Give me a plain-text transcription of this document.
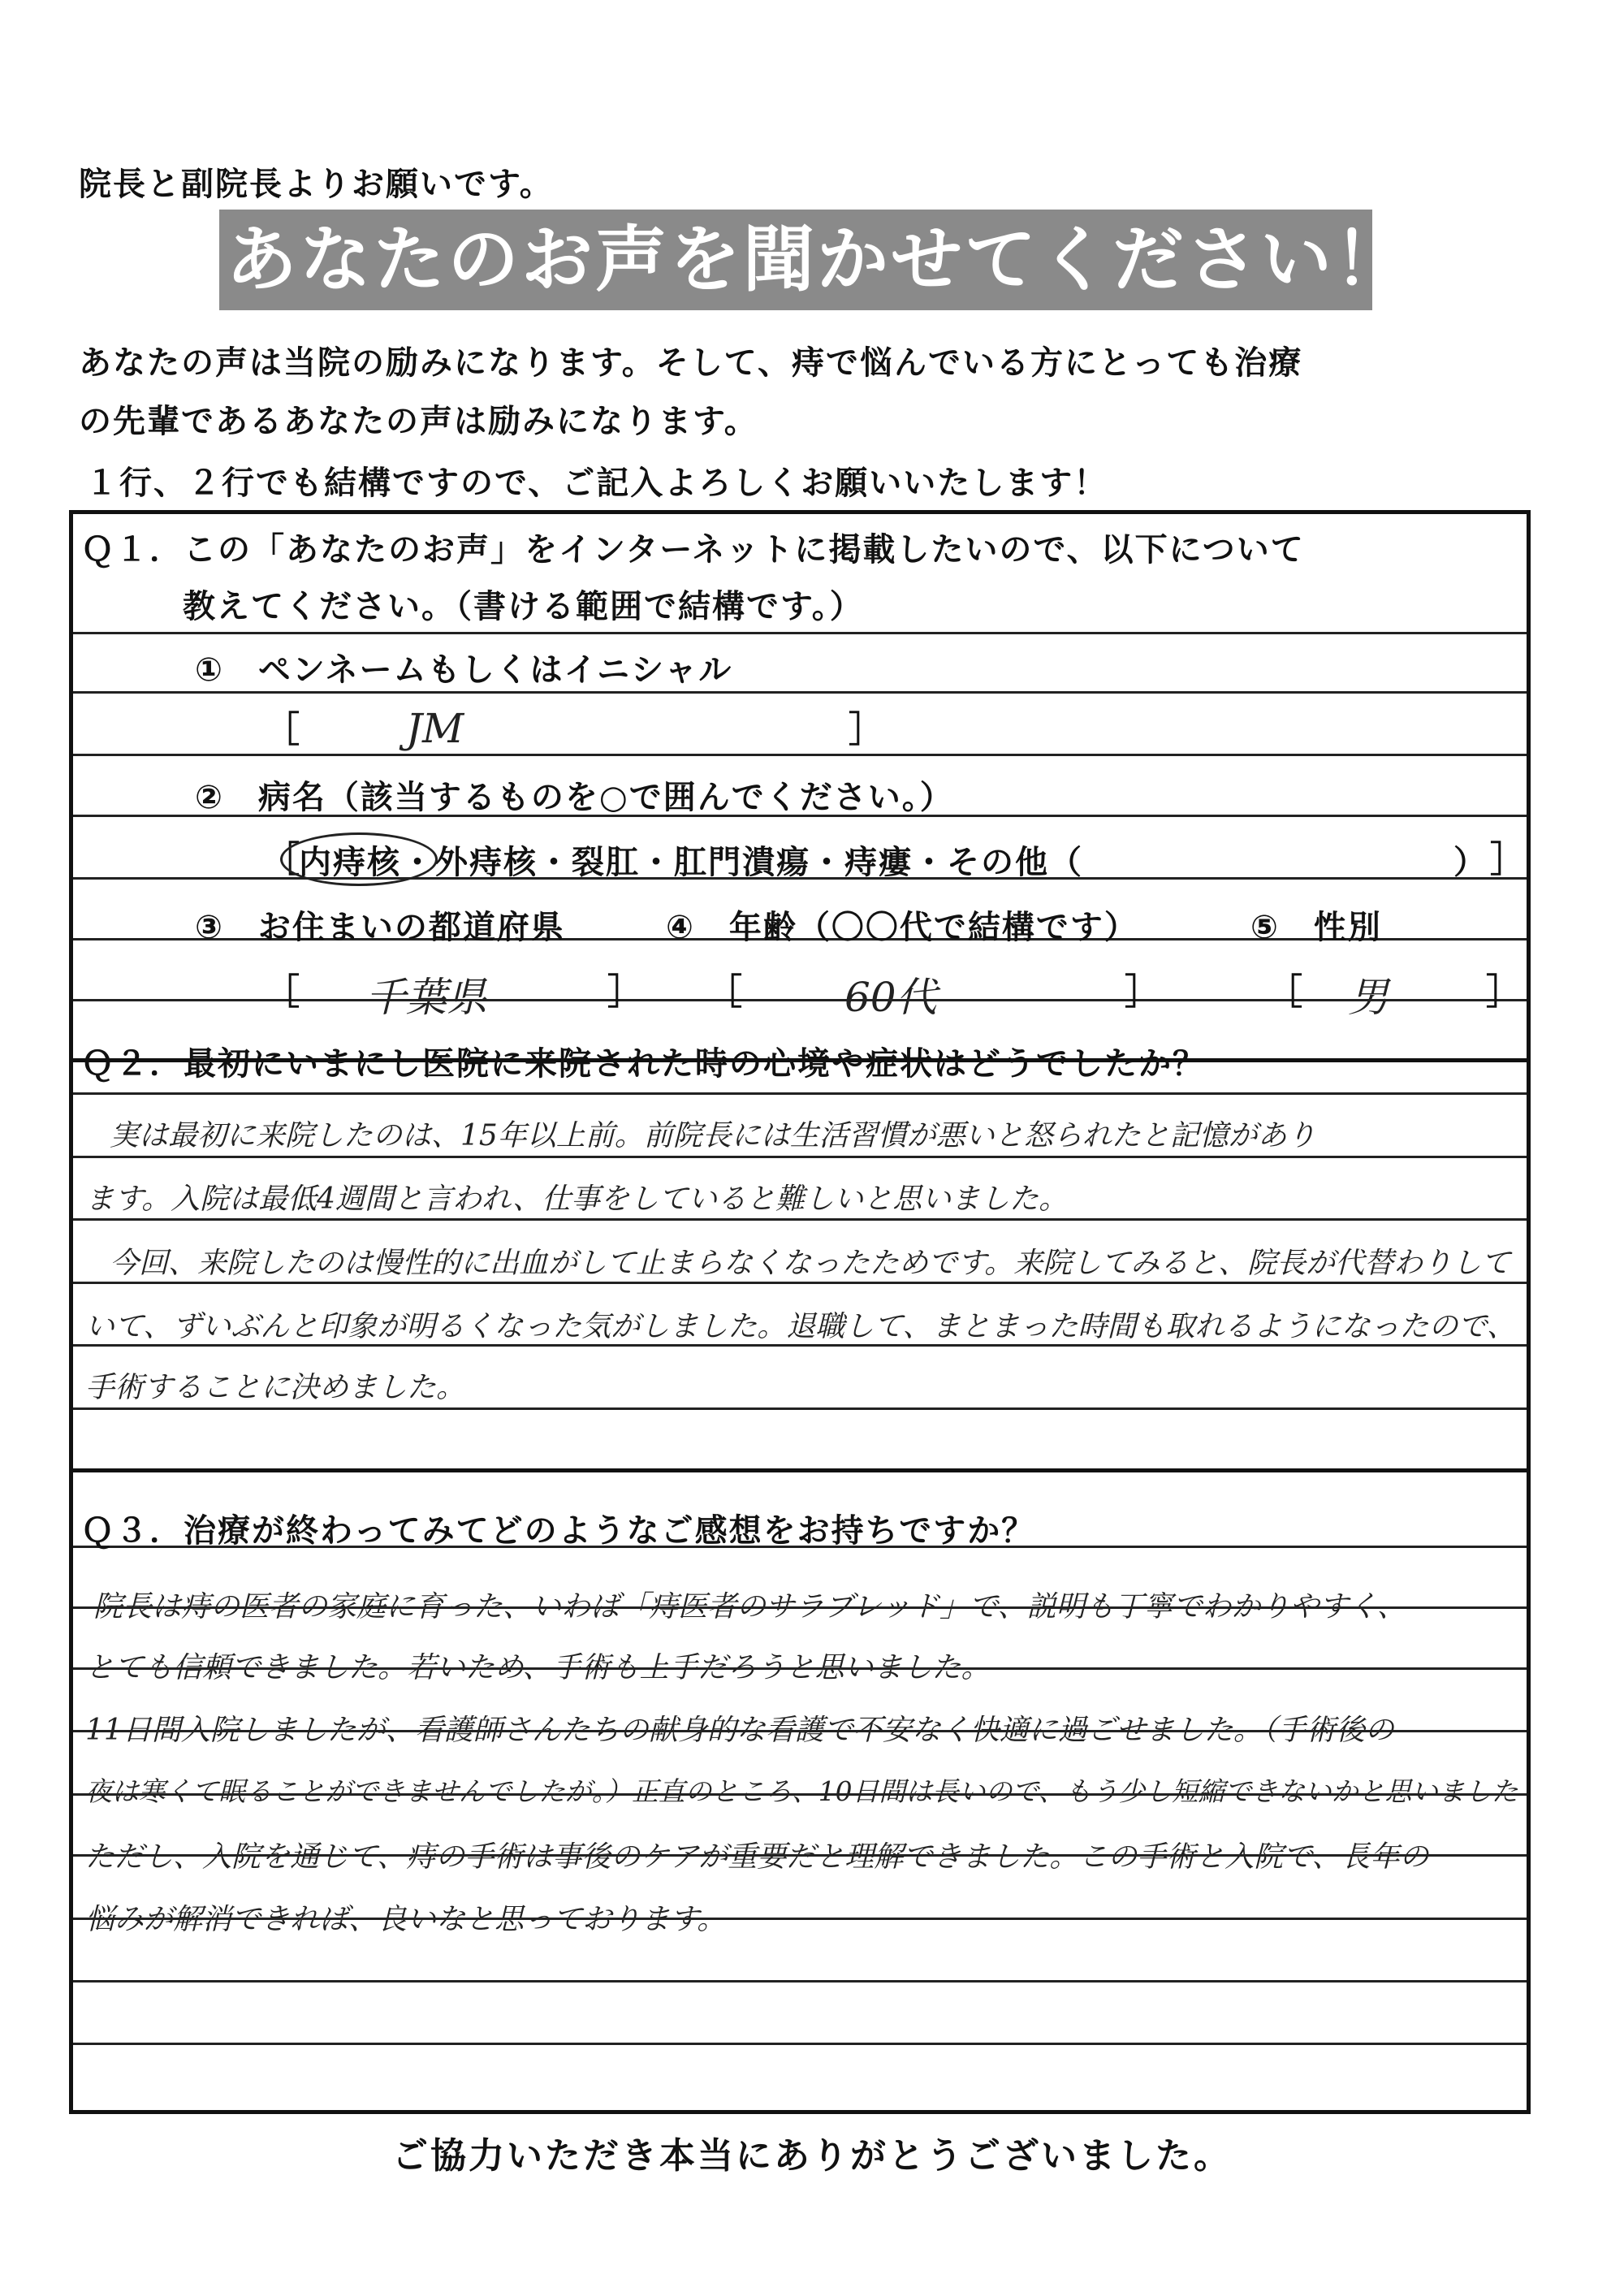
院長と副院長よりお願いです。
あなたのお声を聞かせてください！
あなたの声は当院の励みになります。そして、痔で悩んでいる方にとっても治療
の先輩であるあなたの声は励みになります。
１行、２行でも結構ですので、ご記入よろしくお願いいたします！
Ｑ１．この「あなたのお声」をインターネットに掲載したいので、以下について
教えてください。（書ける範囲で結構です。）
①　ペンネームもしくはイニシャル
［	JM	］
②　病名（該当するものを○で囲んでください。）
［ 内痔核・外痔核・裂肛・肛門潰瘍・痔瘻・その他（	） ］
③　お住まいの都道府県	④　年齢（〇〇代で結構です）	⑤　性別
［ 千葉県	］ ［	60代	］	［ 男	］
Ｑ２．最初にいまにし医院に来院された時の心境や症状はどうでしたか？
実は最初に来院したのは、15年以上前。前院長には生活習慣が悪いと怒られたと記憶があり
ます。入院は最低4週間と言われ、仕事をしていると難しいと思いました。
今回、来院したのは慢性的に出血がして止まらなくなったためです。来院してみると、院長が代替わりして
いて、ずいぶんと印象が明るくなった気がしました。退職して、まとまった時間も取れるようになったので、
手術することに決めました。
Ｑ３．治療が終わってみてどのようなご感想をお持ちですか？
院長は痔の医者の家庭に育った、いわば「痔医者のサラブレッド」で、説明も丁寧でわかりやすく、
とても信頼できました。若いため、手術も上手だろうと思いました。
11日間入院しましたが、看護師さんたちの献身的な看護で不安なく快適に過ごせました。（手術後の
夜は寒くて眠ることができませんでしたが。）正直のところ、10日間は長いので、もう少し短縮できないかと思いました
ただし、入院を通じて、痔の手術は事後のケアが重要だと理解できました。この手術と入院で、長年の
悩みが解消できれば、良いなと思っております。
ご協力いただき本当にありがとうございました。
